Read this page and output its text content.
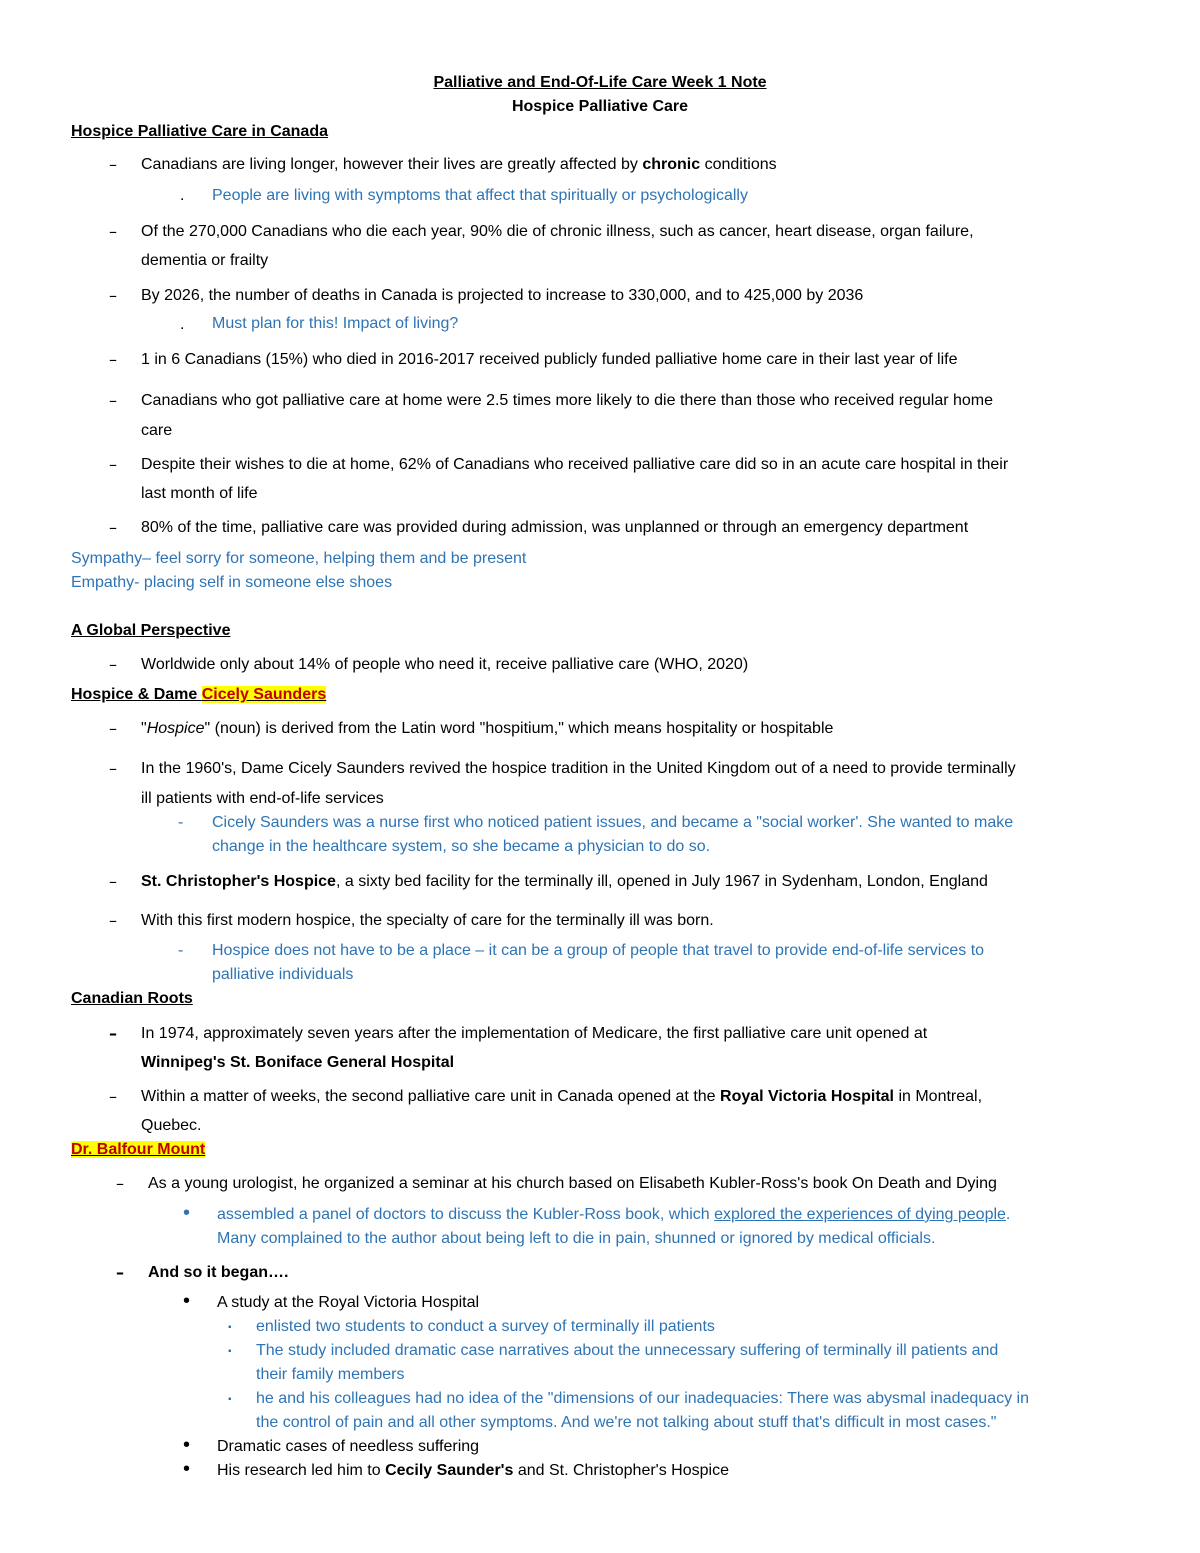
Palliative and End-Of-Life Care Week 1 Note
Hospice Palliative Care
Hospice Palliative Care in Canada
– Canadians are living longer, however their lives are greatly affected by chronic conditions
. People are living with symptoms that affect that spiritually or psychologically
– Of the 270,000 Canadians who die each year, 90% die of chronic illness, such as cancer, heart disease, organ failure,
dementia or frailty
– By 2026, the number of deaths in Canada is projected to increase to 330,000, and to 425,000 by 2036
. Must plan for this! Impact of living?
– 1 in 6 Canadians (15%) who died in 2016-2017 received publicly funded palliative home care in their last year of life
– Canadians who got palliative care at home were 2.5 times more likely to die there than those who received regular home
care
– Despite their wishes to die at home, 62% of Canadians who received palliative care did so in an acute care hospital in their
last month of life
– 80% of the time, palliative care was provided during admission, was unplanned or through an emergency department
Sympathy– feel sorry for someone, helping them and be present
Empathy- placing self in someone else shoes
A Global Perspective
– Worldwide only about 14% of people who need it, receive palliative care (WHO, 2020)
Hospice & Dame Cicely Saunders
– "Hospice" (noun) is derived from the Latin word "hospitium," which means hospitality or hospitable
– In the 1960's, Dame Cicely Saunders revived the hospice tradition in the United Kingdom out of a need to provide terminally
ill patients with end-of-life services
- Cicely Saunders was a nurse first who noticed patient issues, and became a "social worker'. She wanted to make
change in the healthcare system, so she became a physician to do so.
– St. Christopher's Hospice, a sixty bed facility for the terminally ill, opened in July 1967 in Sydenham, London, England
– With this first modern hospice, the specialty of care for the terminally ill was born.
- Hospice does not have to be a place – it can be a group of people that travel to provide end-of-life services to
palliative individuals
Canadian Roots
– In 1974, approximately seven years after the implementation of Medicare, the first palliative care unit opened at
Winnipeg's St. Boniface General Hospital
– Within a matter of weeks, the second palliative care unit in Canada opened at the Royal Victoria Hospital in Montreal,
Quebec.
Dr. Balfour Mount
– As a young urologist, he organized a seminar at his church based on Elisabeth Kubler-Ross's book On Death and Dying
• assembled a panel of doctors to discuss the Kubler-Ross book, which explored the experiences of dying people.
Many complained to the author about being left to die in pain, shunned or ignored by medical officials.
– And so it began….
• A study at the Royal Victoria Hospital
▪ enlisted two students to conduct a survey of terminally ill patients
▪ The study included dramatic case narratives about the unnecessary suffering of terminally ill patients and
their family members
▪ he and his colleagues had no idea of the "dimensions of our inadequacies: There was abysmal inadequacy in
the control of pain and all other symptoms. And we're not talking about stuff that's difficult in most cases."
• Dramatic cases of needless suffering
• His research led him to Cecily Saunder's and St. Christopher's Hospice
